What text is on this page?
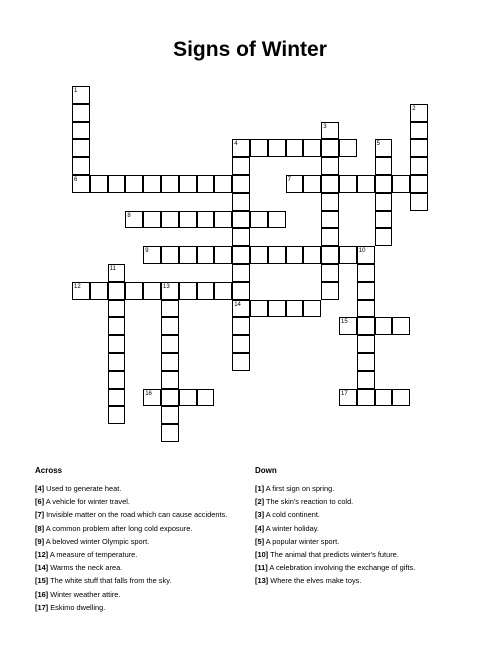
Signs of Winter
1
6
2
3
4
14
5
7
8
9	10
11
12	13
15
16	17
Across	Down
[4] Used to generate heat.
[6] A vehicle for winter travel.
[7] Invisible matter on the road which can cause accidents.
[8] A common problem after long cold exposure.
[9] A beloved winter Olympic sport.
[12] A measure of temperature.
[14] Warms the neck area.
[15] The white stuff that falls from the sky.
[16] Winter weather attire.
[17] Eskimo dwelling.
[1] A first sign on spring.
[2] The skin's reaction to cold.
[3] A cold continent.
[4] A winter holiday.
[5] A popular winter sport.
[10] The animal that predicts winter's future.
[11] A celebration involving the exchange of gifts.
[13] Where the elves make toys.
